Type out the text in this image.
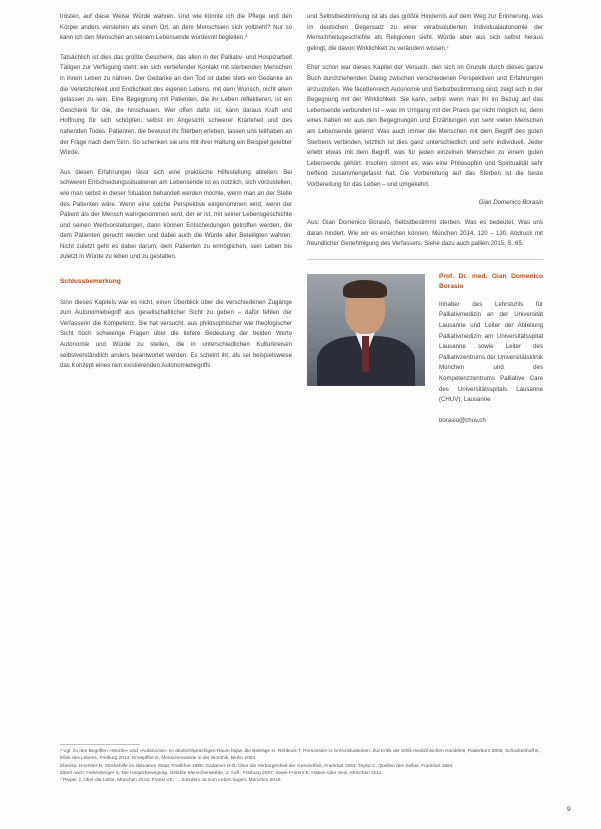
trösten, auf diese Weise Würde wahren. Und wie könnte ich die Pflege und den Körper anders verstehen als einen Ort, an dem Menschsein sich vollzieht? Nur so kann ich den Menschen an seinem Lebensende würdevoll begleiten.⁶

Tatsächlich ist dies das größte Geschenk, das allen in der Palliativ- und Hospizarbeit Tätigen zur Verfügung steht: ein sich vertiefender Kontakt mit sterbenden Menschen in ihrem Leben zu nähren. Der Gedanke an den Tod ist dabei stets ein Gedanke an die Verletzlichkeit und Endlichkeit des eigenen Lebens, mit dem Wunsch, nicht allein gelassen zu sein. Eine Begegnung mit Patienten, die ihr Leben reflektieren, ist ein Geschenk für die, die hinschauen. Wer offen dafür ist, kann daraus Kraft und Hoffnung für sich schöpfen, selbst im Angesicht schwerer Krankheit und des nahenden Todes. Patienten, die bewusst ihr Sterben erleben, lassen uns teilhaben an der Frage nach dem Sinn. So schenken sie uns mit ihrer Haltung ein Beispiel gelebter Würde.

Aus diesen Erfahrungen lässt sich eine praktische Hilfestellung ableiten: Bei schweren Entscheidungssituationen am Lebensende ist es nützlich, sich vorzustellen, wie man selbst in dieser Situation behandelt werden möchte, wenn man an der Stelle des Patienten wäre. Wenn eine solche Perspektive eingenommen wird, wenn der Patient als der Mensch wahrgenommen wird, der er ist, mit seiner Lebensgeschichte und seinen Wertvorstellungen, dann können Entscheidungen getroffen werden, die dem Patienten gerecht werden und dabei auch die Würde aller Beteiligten wahren. Nicht zuletzt geht es dabei darum, dem Patienten zu ermöglichen, sein Leben bis zuletzt in Würde zu leben und zu gestalten.

Schlussbemerkung

Sinn dieses Kapitels war es nicht, einen Überblick über die verschiedenen Zugänge zum Autonomiebegriff aus gesellschaftlicher Sicht zu geben – dafür fehlen der Verfasserin die Kompetenz. Sie hat versucht, aus philosophischer wie theologischer Sicht hoch schwierige Fragen über die tiefere Bedeutung der beiden Werte Autonomie und Würde zu stellen, die in unterschiedlichen Kulturkreisen selbstverständlich anders beantwortet werden. Es scheint ihr, als sei beispielsweise das Konzept eines rein existierenden Autonomiebegriffs

und Selbstbestimmung ist als das größte Hindernis auf dem Weg zur Erinnerung, was im deutschen Gegensatz zu einer verabsolutierten Individualautonomie der Menschheitsgeschichte als Religionen sieht. Würde aber aus sich selbst heraus gelingt, die davon Wirklichkeit zu verändern wissen.⁷

Eher schon war dieses Kapitel der Versuch, den sich im Grunde durch dieses ganze Buch durchziehenden Dialog zwischen verschiedenen Perspektiven und Erfahrungen anzustoßen. Wie facettenreich Autonomie und Selbstbestimmung sind, zeigt sich in der Begegnung mit der Wirklichkeit. Sie kann, selbst wenn man ihr im Bezug auf das Lebensende verbunden ist – was im Umgang mit der Praxis gar nicht möglich ist, denn eines haben wir aus den Begegnungen und Erzählungen von sehr vielen Menschen am Lebensende gelernt: Was auch immer die Menschen mit dem Begriff des guten Sterbens verbinden, letztlich ist dies ganz unterschiedlich und sehr individuell. Jeder erlebt etwas mit dem Begriff, was für jeden einzelnen Menschen zu einem guten Lebensende gehört. Insofern stimmt es, was eine Philosophin und Spiritualität sehr treffend zusammengefasst hat: Die Vorbereitung auf das Sterben ist die beste Vorbereitung für das Leben – und umgekehrt.

Gian Domenico Borasio

Aus: Gian Domenico Borasio, Selbstbestimmt sterben. Was es bedeutet. Was uns daran hindert. Wie wir es erreichen können. München 2014, 120 – 130. Abdruck mit freundlicher Genehmigung des Verfassers. Siehe dazu auch pallien 2015, S. 65.

Prof. Dr. med. Gian Domenico Borasio
Inhaber des Lehrstuhls für Palliativmedizin an der Universität Lausanne und Leiter der Abteilung Palliativmedizin am Universitätsspital Lausanne sowie Leiter des Palliativzentrums der Universitätsklinik München und des Kompetenzzentrums Palliative Care des Universitätsspitals Lausanne (CHUV), Lausanne
borasio@chuv.ch
⁶ Vgl. zu den Begriffen »Würde« und »Autonomie« im deutschsprachigen Raum bspw. die Beiträge in: Rehbock T, Personsein in Grenzsituationen. Zur Kritik der Ethik medizinischen Handelns, Paderborn 2005; Schockenhoff E, Ethik des Lebens, Freiburg 2013; Knoepffler N, Menschenwürde in der Bioethik, Berlin 2004.
Ebenso: Hoerster N, Sterbehilfe im säkularen Staat, Frankfurt 1998; Gadamer H-G, Über die Verborgenheit der Gesundheit, Frankfurt 1993; Taylor C, Quellen des Selbst, Frankfurt 1994.
Zitiert nach: Hohenberger S, Die Hospizbewegung. Gelebte Menschenwürde, 2. Aufl., Freiburg 2007; sowie Fromm E, Haben oder Sein, München 2011.
⁷ Pieper J, Über die Liebe, München 2014; Frankl VE, … trotzdem Ja zum Leben sagen, München 2019.
9
